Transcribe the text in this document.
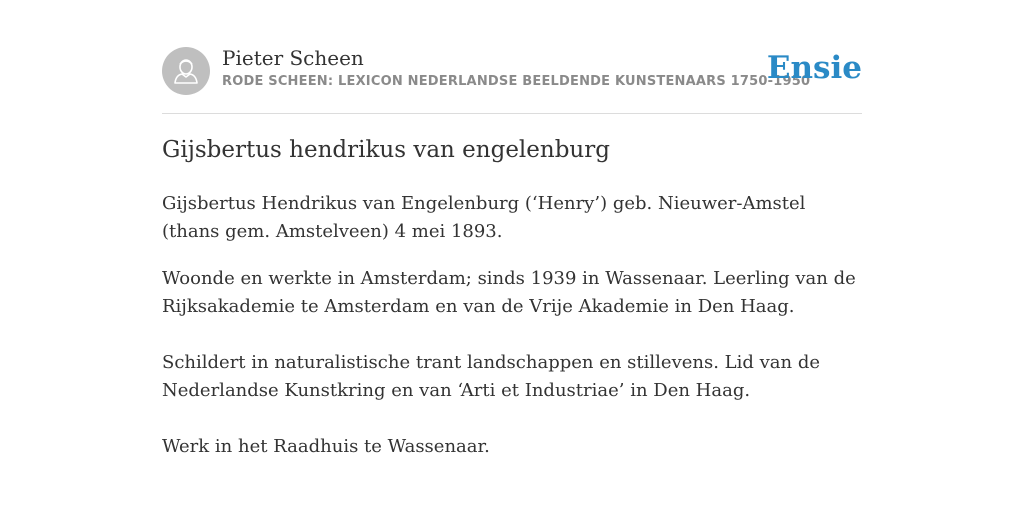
Pieter Scheen
RODE SCHEEN: LEXICON NEDERLANDSE BEELDENDE KUNSTENAARS 1750-1950
Ensie
Gijsbertus hendrikus van engelenburg

Gijsbertus Hendrikus van Engelenburg (‘Henry’) geb. Nieuwer-Amstel (thans gem. Amstelveen) 4 mei 1893.

Woonde en werkte in Amsterdam; sinds 1939 in Wassenaar. Leerling van de Rijksakademie te Amsterdam en van de Vrije Akademie in Den Haag.

Schildert in naturalistische trant landschappen en stillevens. Lid van de Nederlandse Kunstkring en van ‘Arti et Industriae’ in Den Haag.

Werk in het Raadhuis te Wassenaar.
